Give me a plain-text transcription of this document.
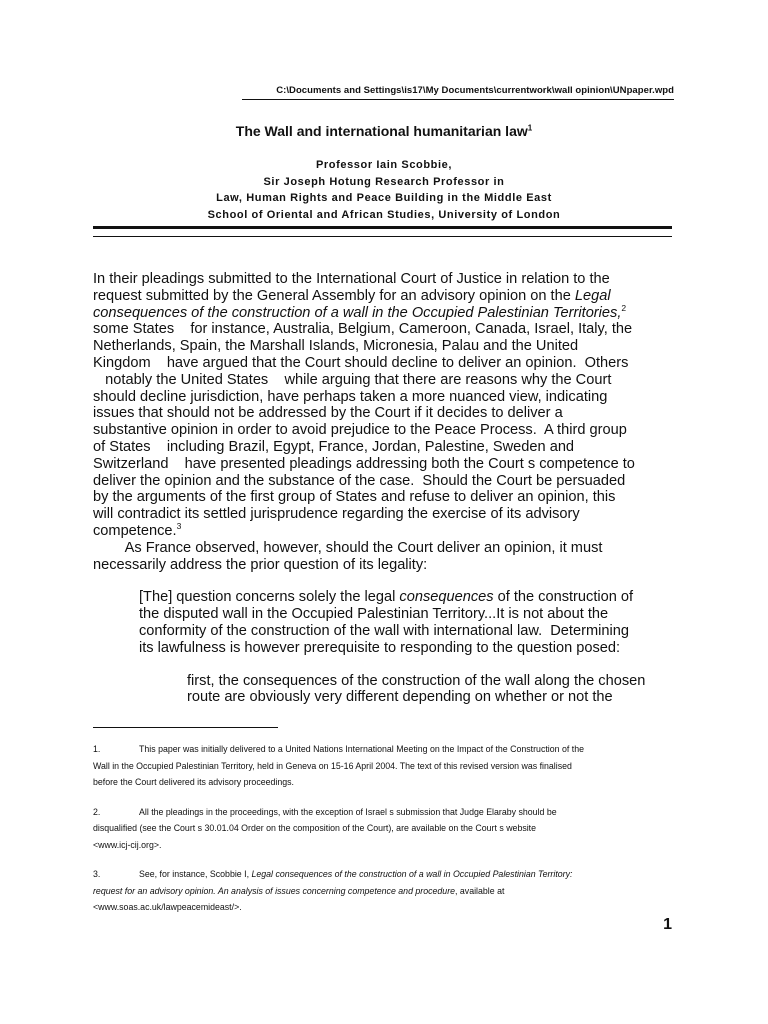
C:\Documents and Settings\is17\My Documents\currentwork\wall opinion\UNpaper.wpd
The Wall and international humanitarian law$^1$
Professor Iain Scobbie,
Sir Joseph Hotung Research Professor in
Law, Human Rights and Peace Building in the Middle East
School of Oriental and African Studies, University of London
In their pleadings submitted to the International Court of Justice in relation to the
request submitted by the General Assembly for an advisory opinion on the Legal
consequences of the construction of a wall in the Occupied Palestinian Territories,$^2$
some States    for instance, Australia, Belgium, Cameroon, Canada, Israel, Italy, the
Netherlands, Spain, the Marshall Islands, Micronesia, Palau and the United
Kingdom    have argued that the Court should decline to deliver an opinion.  Others
notably the United States    while arguing that there are reasons why the Court
should decline jurisdiction, have perhaps taken a more nuanced view, indicating
issues that should not be addressed by the Court if it decides to deliver a
substantive opinion in order to avoid prejudice to the Peace Process.  A third group
of States    including Brazil, Egypt, France, Jordan, Palestine, Sweden and
Switzerland    have presented pleadings addressing both the Court s competence to
deliver the opinion and the substance of the case.  Should the Court be persuaded
by the arguments of the first group of States and refuse to deliver an opinion, this
will contradict its settled jurisprudence regarding the exercise of its advisory
competence.$^3$
As France observed, however, should the Court deliver an opinion, it must
necessarily address the prior question of its legality:
[The] question concerns solely the legal consequences of the construction of
the disputed wall in the Occupied Palestinian Territory...It is not about the
conformity of the construction of the wall with international law.  Determining
its lawfulness is however prerequisite to responding to the question posed:
first, the consequences of the construction of the wall along the chosen
route are obviously very different depending on whether or not the
1.	This paper was initially delivered to a United Nations International Meeting on the Impact of the Construction of the
Wall in the Occupied Palestinian Territory, held in Geneva on 15-16 April 2004. The text of this revised version was finalised
before the Court delivered its advisory proceedings.
2.	All the pleadings in the proceedings, with the exception of Israel s submission that Judge Elaraby should be
disqualified (see the Court s 30.01.04 Order on the composition of the Court), are available on the Court s website
<www.icj-cij.org>.
3.	See, for instance, Scobbie I, Legal consequences of the construction of a wall in Occupied Palestinian Territory:
request for an advisory opinion. An analysis of issues concerning competence and procedure, available at
<www.soas.ac.uk/lawpeacemideast/>.
1
